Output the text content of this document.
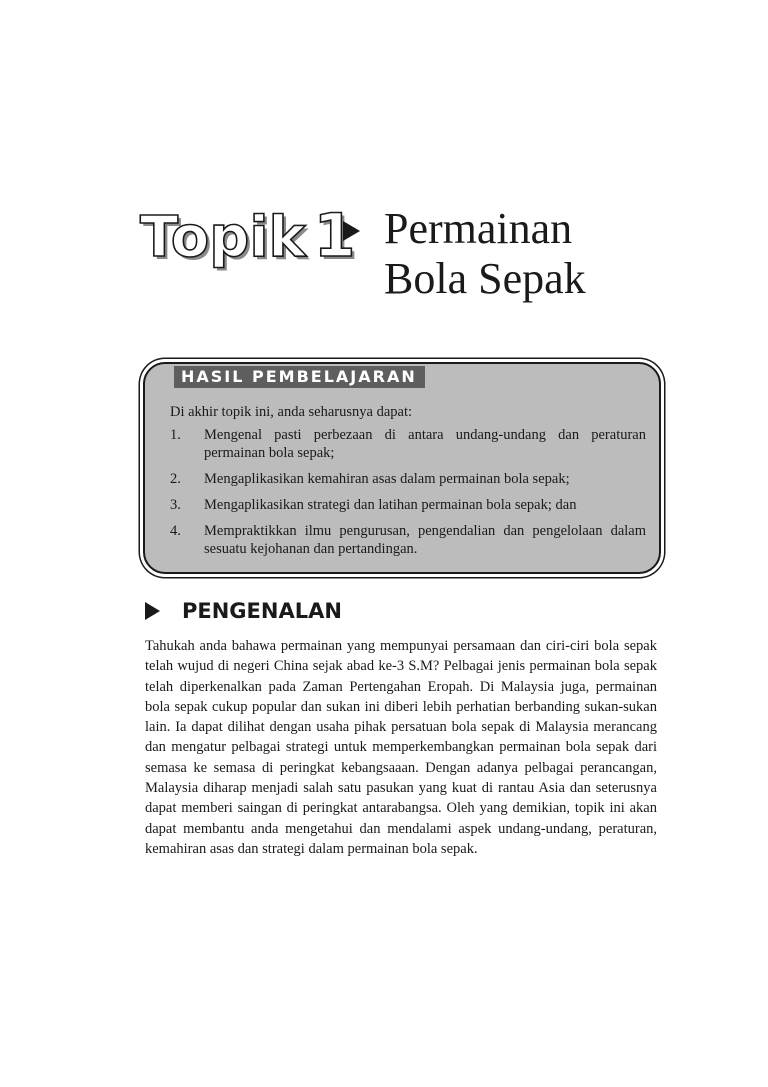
Topik 1 Permainan
Bola Sepak
HASIL PEMBELAJARAN

Di akhir topik ini, anda seharusnya dapat:

1.	Mengenal pasti perbezaan di antara undang-undang dan peraturan permainan bola sepak;
2.	Mengaplikasikan kemahiran asas dalam permainan bola sepak;
3.	Mengaplikasikan strategi dan latihan permainan bola sepak; dan
4.	Mempraktikkan ilmu pengurusan, pengendalian dan pengelolaan dalam sesuatu kejohanan dan pertandingan.
PENGENALAN

Tahukah anda bahawa permainan yang mempunyai persamaan dan ciri-ciri bola sepak telah wujud di negeri China sejak abad ke-3 S.M? Pelbagai jenis permainan bola sepak telah diperkenalkan pada Zaman Pertengahan Eropah. Di Malaysia juga, permainan bola sepak cukup popular dan sukan ini diberi lebih perhatian berbanding sukan-sukan lain. Ia dapat dilihat dengan usaha pihak persatuan bola sepak di Malaysia merancang dan mengatur pelbagai strategi untuk memperkembangkan permainan bola sepak dari semasa ke semasa di peringkat kebangsaaan. Dengan adanya pelbagai perancangan, Malaysia diharap menjadi salah satu pasukan yang kuat di rantau Asia dan seterusnya dapat memberi saingan di peringkat antarabangsa. Oleh yang demikian, topik ini akan dapat membantu anda mengetahui dan mendalami aspek undang-undang, peraturan, kemahiran asas dan strategi dalam permainan bola sepak.
